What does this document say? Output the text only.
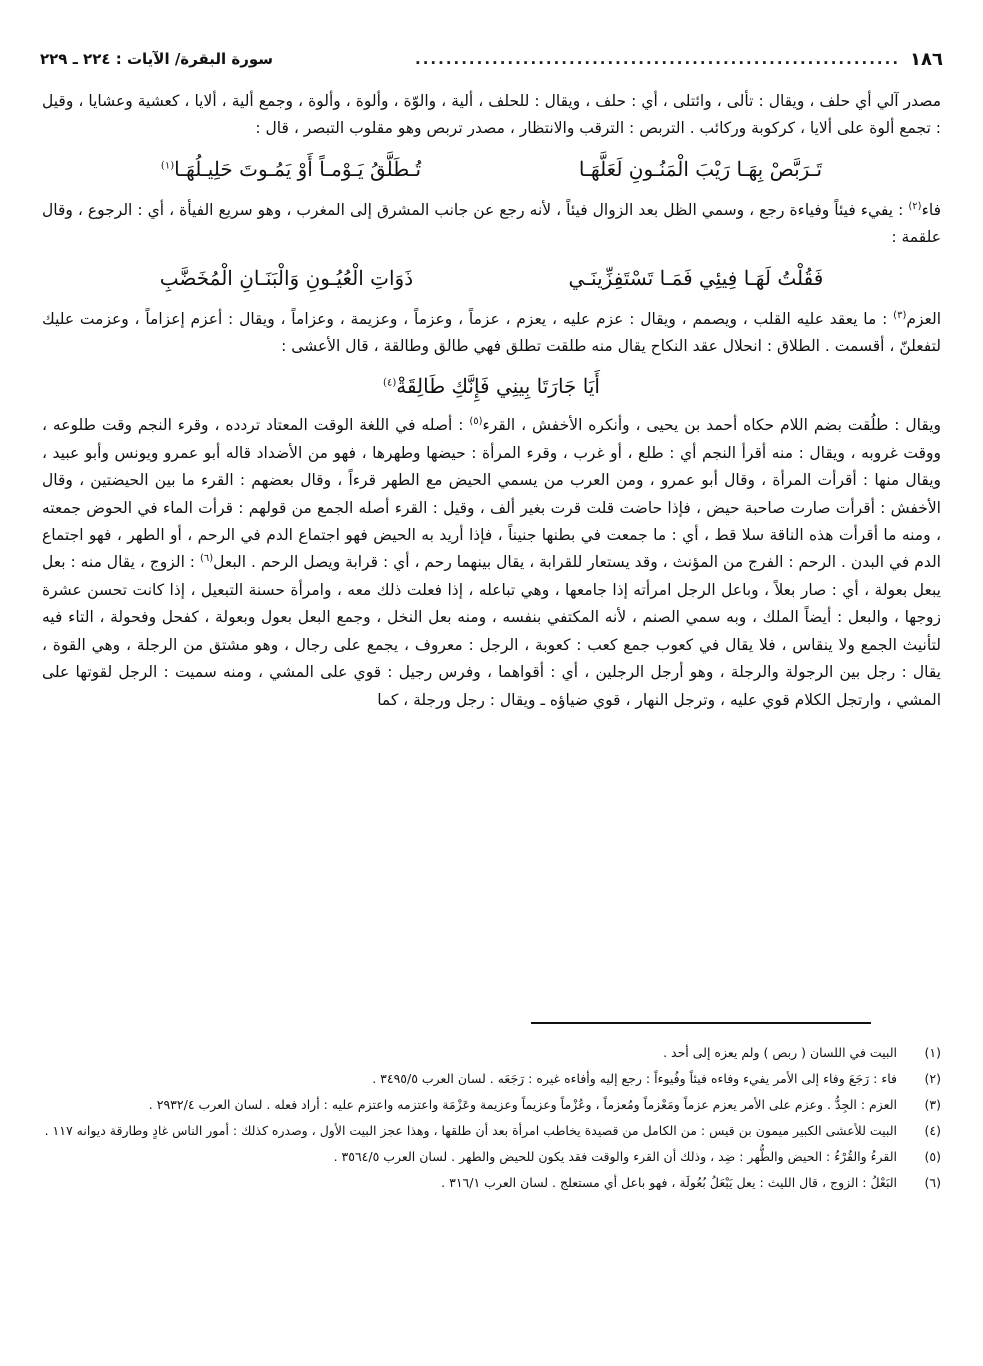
١٨٦
...............................................................
سورة البقرة/ الآيات : ٢٢٤ ـ ٢٢٩

مصدر آلي أي حلف ، ويقال : تألى ، وائتلى ، أي : حلف ، ويقال : للحلف ، ألية ، والوّة ، وألوة ، وألوة ، وجمع ألية ، ألايا ، كعشية وعشايا ، وقيل : تجمع ألوة على ألايا ، كركوبة وركائب . التربص : الترقب والانتظار ، مصدر تربص وهو مقلوب التبصر ، قال :

تَـرَبَّصْ بِهَـا رَيْبَ الْمَنُـونِ لَعَلَّهَـا
تُـطَلَّقُ يَـوْمـاً أَوْ يَمُـوتَ حَلِيـلُهَـا$^{(١)}$

فاء$^{(٢)}$ : يفيء فيئاً وفياءة رجع ، وسمي الظل بعد الزوال فيئاً ، لأنه رجع عن جانب المشرق إلى المغرب ، وهو سريع الفيأة ، أي : الرجوع ، وقال علقمة :

فَقُلْتُ لَهَـا فِيئِي فَمَـا تَسْتَفِزِّينَـي
ذَوَاتِ الْعُيُـونِ وَالْبَنَـانِ الْمُخَضَّبِ

العزم$^{(٣)}$ : ما يعقد عليه القلب ، ويصمم ، ويقال : عزم عليه ، يعزم ، عزماً ، وعزماً ، وعزيمة ، وعزاماً ، ويقال : أعزم إعزاماً ، وعزمت عليك لتفعلنّ ، أقسمت . الطلاق : انحلال عقد النكاح يقال منه طلقت تطلق فهي طالق وطالقة ، قال الأعشى :

أَيَا جَارَتَا بِينِي فَإِنَّكِ طَالِقَةْ$^{(٤)}$

ويقال : طلُقت بضم اللام حكاه أحمد بن يحيى ، وأنكره الأخفش ، القرء$^{(٥)}$ : أصله في اللغة الوقت المعتاد تردده ، وقرء النجم وقت طلوعه ، ووقت غروبه ، ويقال : منه أقرأ النجم أي : طلع ، أو غرب ، وقرء المرأة : حيضها وطهرها ، فهو من الأضداد قاله أبو عمرو ويونس وأبو عبيد ، ويقال منها : أقرأت المرأة ، وقال أبو عمرو ، ومن العرب من يسمي الحيض مع الطهر قرءاً ، وقال بعضهم : القرء ما بين الحيضتين ، وقال الأخفش : أقرأت صارت صاحبة حيض ، فإذا حاضت قلت قرت بغير ألف ، وقيل : القرء أصله الجمع من قولهم : قرأت الماء في الحوض جمعته ، ومنه ما أقرأت هذه الناقة سلا قط ، أي : ما جمعت في بطنها جنيناً ، فإذا أريد به الحيض فهو اجتماع الدم في الرحم ، أو الطهر ، فهو اجتماع الدم في البدن . الرحم : الفرج من المؤنث ، وقد يستعار للقرابة ، يقال بينهما رحم ، أي : قرابة ويصل الرحم . البعل$^{(٦)}$ : الزوج ، يقال منه : بعل يبعل بعولة ، أي : صار بعلاً ، وباعل الرجل امرأته إذا جامعها ، وهي تباعله ، إذا فعلت ذلك معه ، وامرأة حسنة التبعيل ، إذا كانت تحسن عشرة زوجها ، والبعل : أيضاً الملك ، وبه سمي الصنم ، لأنه المكتفي بنفسه ، ومنه بعل النخل ، وجمع البعل بعول وبعولة ، كفحل وفحولة ، التاء فيه لتأنيث الجمع ولا ينقاس ، فلا يقال في كعوب جمع كعب : كعوبة ، الرجل : معروف ، يجمع على رجال ، وهو مشتق من الرجلة ، وهي القوة ، يقال : رجل بين الرجولة والرجلة ، وهو أرجل الرجلين ، أي : أقواهما ، وفرس رجيل : قوي على المشي ، ومنه سميت : الرجل لقوتها على المشي ، وارتجل الكلام قوي عليه ، وترجل النهار ، قوي ضياؤه ـ ويقال : رجل ورجلة ، كما

(١)
البيت في اللسان ( ربص ) ولم يعزه إلى أحد .
(٢)
فاء : رَجَعَ وفاء إلى الأمر يفيء وفاءه فيئاً وفُيوءاً : رجع إليه وأفاءه غيره : رَجَعَه . لسان العرب ٣٤٩٥/٥ .
(٣)
العزم : الجِدُّ . وعزم على الأمر يعزم عزماً ومَعْزماً ومُعزماً ، وعُزْماً وعزيماً وعزيمة وعَزْمَة واعتزمه واعتزم عليه : أراد فعله . لسان العرب ٢٩٣٢/٤ .
(٤)
البيت للأعشى الكبير ميمون بن قيس : من الكامل من قصيدة يخاطب امرأة بعد أن طلقها ، وهذا عجز البيت الأول ، وصدره كذلك : أمور الناس غادٍ وطارقة ديوانه ١١٧ .
(٥)
القرءُ والقُرْءُ : الحيض والطُّهر : ضِد ، وذلك أن القرء والوقت فقد يكون للحيض والطهر . لسان العرب ٣٥٦٤/٥ .
(٦)
البَعْلُ : الزوج ، قال الليث : يعل يَبْعَلُ بُعُولَة ، فهو باعل أي مستعلج . لسان العرب ٣١٦/١ .
